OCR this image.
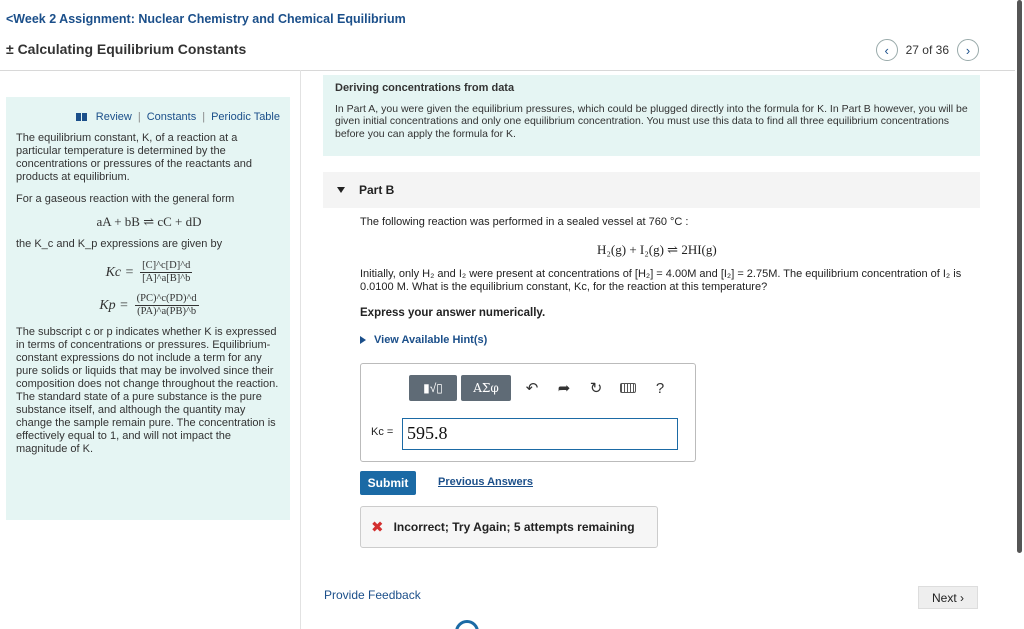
<Week 2 Assignment: Nuclear Chemistry and Chemical Equilibrium
± Calculating Equilibrium Constants	‹	27 of 36	›
Review | Constants | Periodic Table

The equilibrium constant, K, of a reaction at a particular temperature is determined by the concentrations or pressures of the reactants and products at equilibrium.

For a gaseous reaction with the general form

aA + bB ⇌ cC + dD

the K_c and K_p expressions are given by

$Kc = \frac{[C]\^{}c[D]\^{}d}{[A]\^{}a[B]\^{}b}$
$Kp = \frac{(PC)\^{}c(PD)\^{}d}{(PA)\^{}a(PB)\^{}b}$

The subscript c or p indicates whether K is expressed in terms of concentrations or pressures. Equilibrium-constant expressions do not include a term for any pure solids or liquids that may be involved since their composition does not change throughout the reaction. The standard state of a pure substance is the pure substance itself, and although the quantity may change the sample remain pure. The concentration is effectively equal to 1, and will not impact the magnitude of K.

Deriving concentrations from data

In Part A, you were given the equilibrium pressures, which could be plugged directly into the formula for K. In Part B however, you will be given initial concentrations and only one equilibrium concentration. You must use this data to find all three equilibrium concentrations before you can apply the formula for K.

Part B
The following reaction was performed in a sealed vessel at 760 °C :
H₂(g) + I₂(g) ⇌ 2HI(g)
Initially, only H₂ and I₂ were present at concentrations of [H₂] = 4.00M and [I₂] = 2.75M. The equilibrium concentration of I₂ is 0.0100 M. What is the equilibrium constant, Kc, for the reaction at this temperature?
Express your answer numerically.
View Available Hint(s)
▮√▯	ΑΣφ	↶	➦	↻	?
Kc = 595.8
Submit	Previous Answers
✖ Incorrect; Try Again; 5 attempts remaining
Provide Feedback	Next ›
